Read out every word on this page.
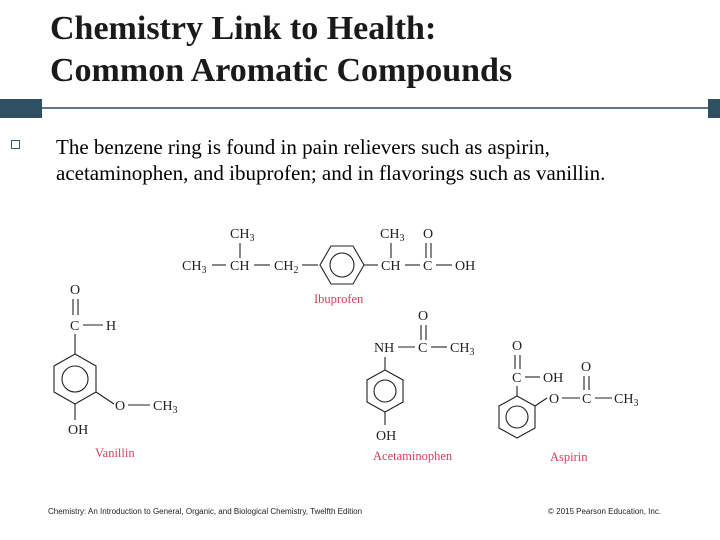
Chemistry Link to Health:
Common Aromatic Compounds

The benzene ring is found in pain relievers such as aspirin, acetaminophen, and ibuprofen; and in flavorings such as vanillin.

$CH_3$
$CH_3$ CH $CH_2$
$CH_3$
CH
O
C OH
Ibuprofen
O
C H
O $CH_3$
OH
Vanillin
O
NH C $CH_3$
OH
Acetaminophen
O
C OH
O
O
C $CH_3$
Aspirin
Chemistry: An Introduction to General, Organic, and Biological Chemistry, Twelfth Edition	© 2015 Pearson Education, Inc.
